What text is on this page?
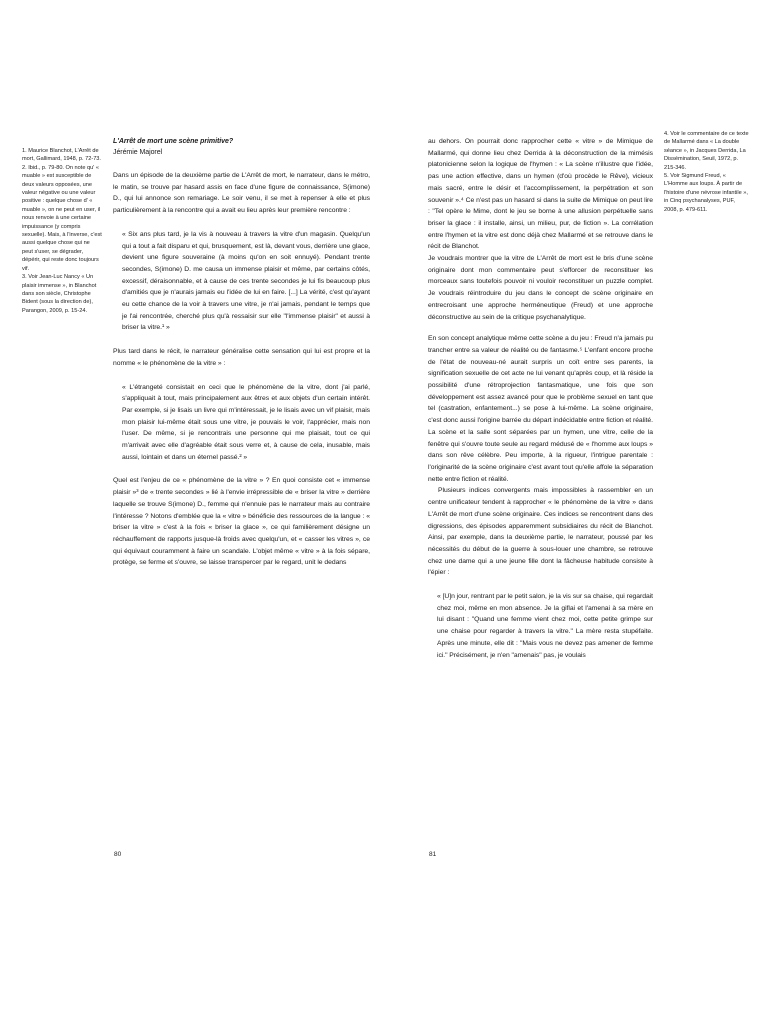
1. Maurice Blanchot, L'Arrêt de mort, Gallimard, 1948, p. 72-73.

2. Ibid., p. 79-80. On note qu' « muable » est susceptible de deux valeurs opposées, une valeur négative ou une valeur positive : quelque chose d' « muable », on ne peut en user, il nous renvoie à une certaine impuissance (y compris sexuelle). Mais, à l'inverse, c'est aussi quelque chose qui ne peut s'user, se dégrader, dépérir, qui reste donc toujours vif.

3. Voir Jean-Luc Nancy « Un plaisir immense », in Blanchot dans son siècle, Christophe Bident (sous la direction de), Parangon, 2009, p. 15-24.

L'Arrêt de mort une scène primitive?
Jérémie Majorel

Dans un épisode de la deuxième partie de L'Arrêt de mort, le narrateur, dans le métro, le matin, se trouve par hasard assis en face d'une figure de connaissance, S(imone) D., qui lui annonce son remariage. Le soir venu, il se met à repenser à elle et plus particulièrement à la rencontre qui a avait eu lieu après leur première rencontre :

« Six ans plus tard, je la vis à nouveau à travers la vitre d'un magasin. Quelqu'un qui a tout a fait disparu et qui, brusquement, est là, devant vous, derrière une glace, devient une figure souveraine (à moins qu'on en soit ennuyé). Pendant trente secondes, S(imone) D. me causa un immense plaisir et même, par certains côtés, excessif, déraisonnable, et à cause de ces trente secondes je lui fis beaucoup plus d'amitiés que je n'aurais jamais eu l'idée de lui en faire. [...] La vérité, c'est qu'ayant eu cette chance de la voir à travers une vitre, je n'ai jamais, pendant le temps que je l'ai rencontrée, cherché plus qu'à ressaisir sur elle "l'immense plaisir" et aussi à briser la vitre.¹ »

Plus tard dans le récit, le narrateur généralise cette sensation qui lui est propre et la nomme « le phénomène de la vitre » :

« L'étrangeté consistait en ceci que le phénomène de la vitre, dont j'ai parlé, s'appliquait à tout, mais principalement aux êtres et aux objets d'un certain intérêt. Par exemple, si je lisais un livre qui m'intéressait, je le lisais avec un vif plaisir, mais mon plaisir lui-même était sous une vitre, je pouvais le voir, l'apprécier, mais non l'user. De même, si je rencontrais une personne qui me plaisait, tout ce qui m'arrivait avec elle d'agréable était sous verre et, à cause de cela, inusable, mais aussi, lointain et dans un éternel passé.² »

Quel est l'enjeu de ce « phénomène de la vitre » ? En quoi consiste cet « immense plaisir »³ de « trente secondes » lié à l'envie irrépressible de « briser la vitre » derrière laquelle se trouve S(imone) D., femme qui n'ennuie pas le narrateur mais au contraire l'intéresse ? Notons d'emblée que la « vitre » bénéficie des ressources de la langue : « briser la vitre » c'est à la fois « briser la glace », ce qui familièrement désigne un réchauffement de rapports jusque-là froids avec quelqu'un, et « casser les vitres », ce qui équivaut couramment à faire un scandale. L'objet même « vitre » à la fois sépare, protège, se ferme et s'ouvre, se laisse transpercer par le regard, unit le dedans

80

au dehors. On pourrait donc rapprocher cette « vitre » de Mimique de Mallarmé, qui donne lieu chez Derrida à la déconstruction de la mimésis platonicienne selon la logique de l'hymen : « La scène n'illustre que l'idée, pas une action effective, dans un hymen (d'où procède le Rêve), vicieux mais sacré, entre le désir et l'accomplissement, la perpétration et son souvenir ».⁴ Ce n'est pas un hasard si dans la suite de Mimique on peut lire : "Tel opère le Mime, dont le jeu se borne à une allusion perpétuelle sans briser la glace : il installe, ainsi, un milieu, pur, de fiction ». La corrélation entre l'hymen et la vitre est donc déjà chez Mallarmé et se retrouve dans le récit de Blanchot.

Je voudrais montrer que la vitre de L'Arrêt de mort est le bris d'une scène originaire dont mon commentaire peut s'efforcer de reconstituer les morceaux sans toutefois pouvoir ni vouloir reconstituer un puzzle complet. Je voudrais réintroduire du jeu dans le concept de scène originaire en entrecroisant une approche herméneutique (Freud) et une approche déconstructive au sein de la critique psychanalytique.

En son concept analytique même cette scène a du jeu : Freud n'a jamais pu trancher entre sa valeur de réalité ou de fantasme.⁵ L'enfant encore proche de l'état de nouveau-né aurait surpris un coït entre ses parents, la signification sexuelle de cet acte ne lui venant qu'après coup, et là réside la possibilité d'une rétroprojection fantasmatique, une fois que son développement est assez avancé pour que le problème sexuel en tant que tel (castration, enfantement...) se pose à lui-même. La scène originaire, c'est donc aussi l'origine barrée du départ indécidable entre fiction et réalité. La scène et la salle sont séparées par un hymen, une vitre, celle de la fenêtre qui s'ouvre toute seule au regard médusé de « l'homme aux loups » dans son rêve célèbre. Peu importe, à la rigueur, l'intrigue parentale : l'originarité de la scène originaire c'est avant tout qu'elle affole la séparation nette entre fiction et réalité.

Plusieurs indices convergents mais impossibles à rassembler en un centre unificateur tendent à rapprocher « le phénomène de la vitre » dans L'Arrêt de mort d'une scène originaire. Ces indices se rencontrent dans des digressions, des épisodes apparemment subsidiaires du récit de Blanchot. Ainsi, par exemple, dans la deuxième partie, le narrateur, poussé par les nécessités du début de la guerre à sous-louer une chambre, se retrouve chez une dame qui a une jeune fille dont la fâcheuse habitude consiste à l'épier :

« [U]n jour, rentrant par le petit salon, je la vis sur sa chaise, qui regardait chez moi, même en mon absence. Je la giflai et l'amenai à sa mère en lui disant : "Quand une femme vient chez moi, cette petite grimpe sur une chaise pour regarder à travers la vitre." La mère resta stupéfaite. Après une minute, elle dit : "Mais vous ne devez pas amener de femme ici." Précisément, je n'en "amenais" pas, je voulais

4. Voir le commentaire de ce texte de Mallarmé dans « La double séance », in Jacques Derrida, La Dissémination, Seuil, 1972, p. 215-346.

5. Voir Sigmund Freud, « L'Homme aux loups. À partir de l'histoire d'une névrose infantile », in Cinq psychanalyses, PUF, 2008, p. 479-611.

81
